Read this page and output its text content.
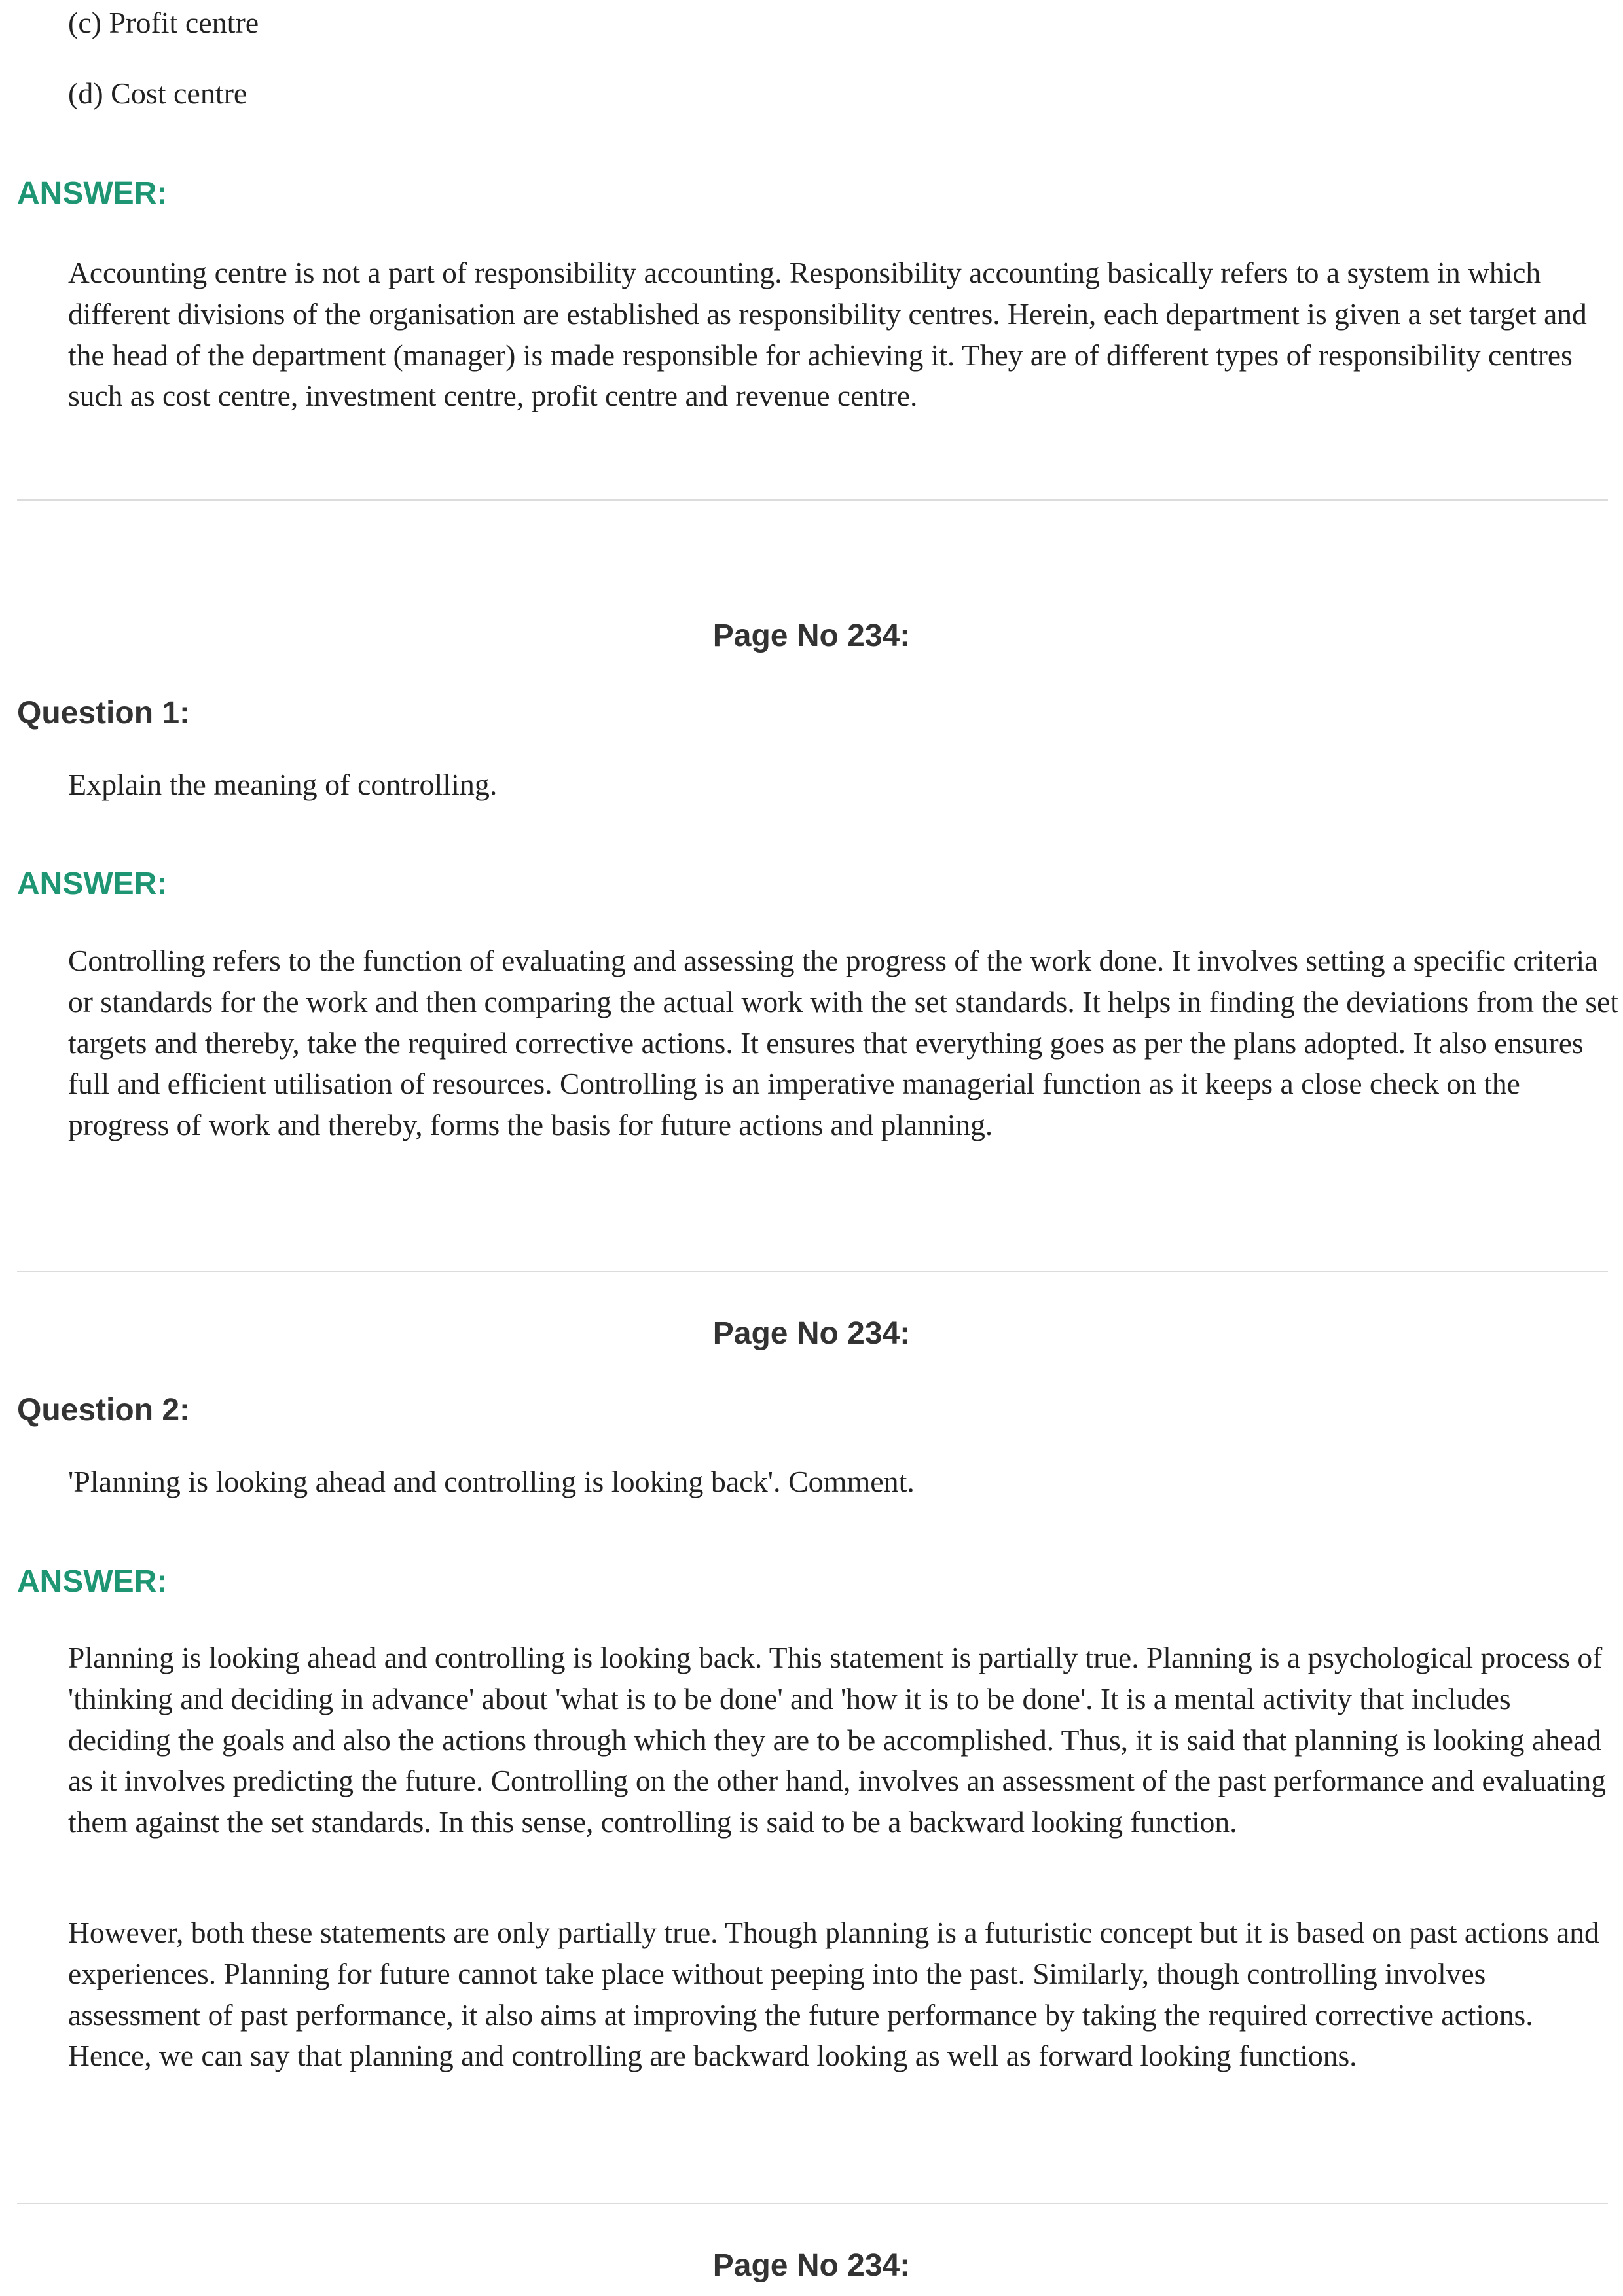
(c) Profit centre

(d) Cost centre

ANSWER:

Accounting centre is not a part of responsibility accounting. Responsibility accounting basically refers to a system in which different divisions of the organisation are established as responsibility centres. Herein, each department is given a set target and the head of the department (manager) is made responsible for achieving it. They are of different types of responsibility centres such as cost centre, investment centre, profit centre and revenue centre.

Page No 234:

Question 1:

Explain the meaning of controlling.

ANSWER:

Controlling refers to the function of evaluating and assessing the progress of the work done. It involves setting a specific criteria or standards for the work and then comparing the actual work with the set standards. It helps in finding the deviations from the set targets and thereby, take the required corrective actions. It ensures that everything goes as per the plans adopted. It also ensures full and efficient utilisation of resources. Controlling is an imperative managerial function as it keeps a close check on the progress of work and thereby, forms the basis for future actions and planning.

Page No 234:

Question 2:

'Planning is looking ahead and controlling is looking back'. Comment.

ANSWER:

Planning is looking ahead and controlling is looking back. This statement is partially true. Planning is a psychological process of 'thinking and deciding in advance' about 'what is to be done' and 'how it is to be done'. It is a mental activity that includes deciding the goals and also the actions through which they are to be accomplished. Thus, it is said that planning is looking ahead as it involves predicting the future. Controlling on the other hand, involves an assessment of the past performance and evaluating them against the set standards. In this sense, controlling is said to be a backward looking function.

However, both these statements are only partially true. Though planning is a futuristic concept but it is based on past actions and experiences. Planning for future cannot take place without peeping into the past. Similarly, though controlling involves assessment of past performance, it also aims at improving the future performance by taking the required corrective actions. Hence, we can say that planning and controlling are backward looking as well as forward looking functions.

Page No 234:
